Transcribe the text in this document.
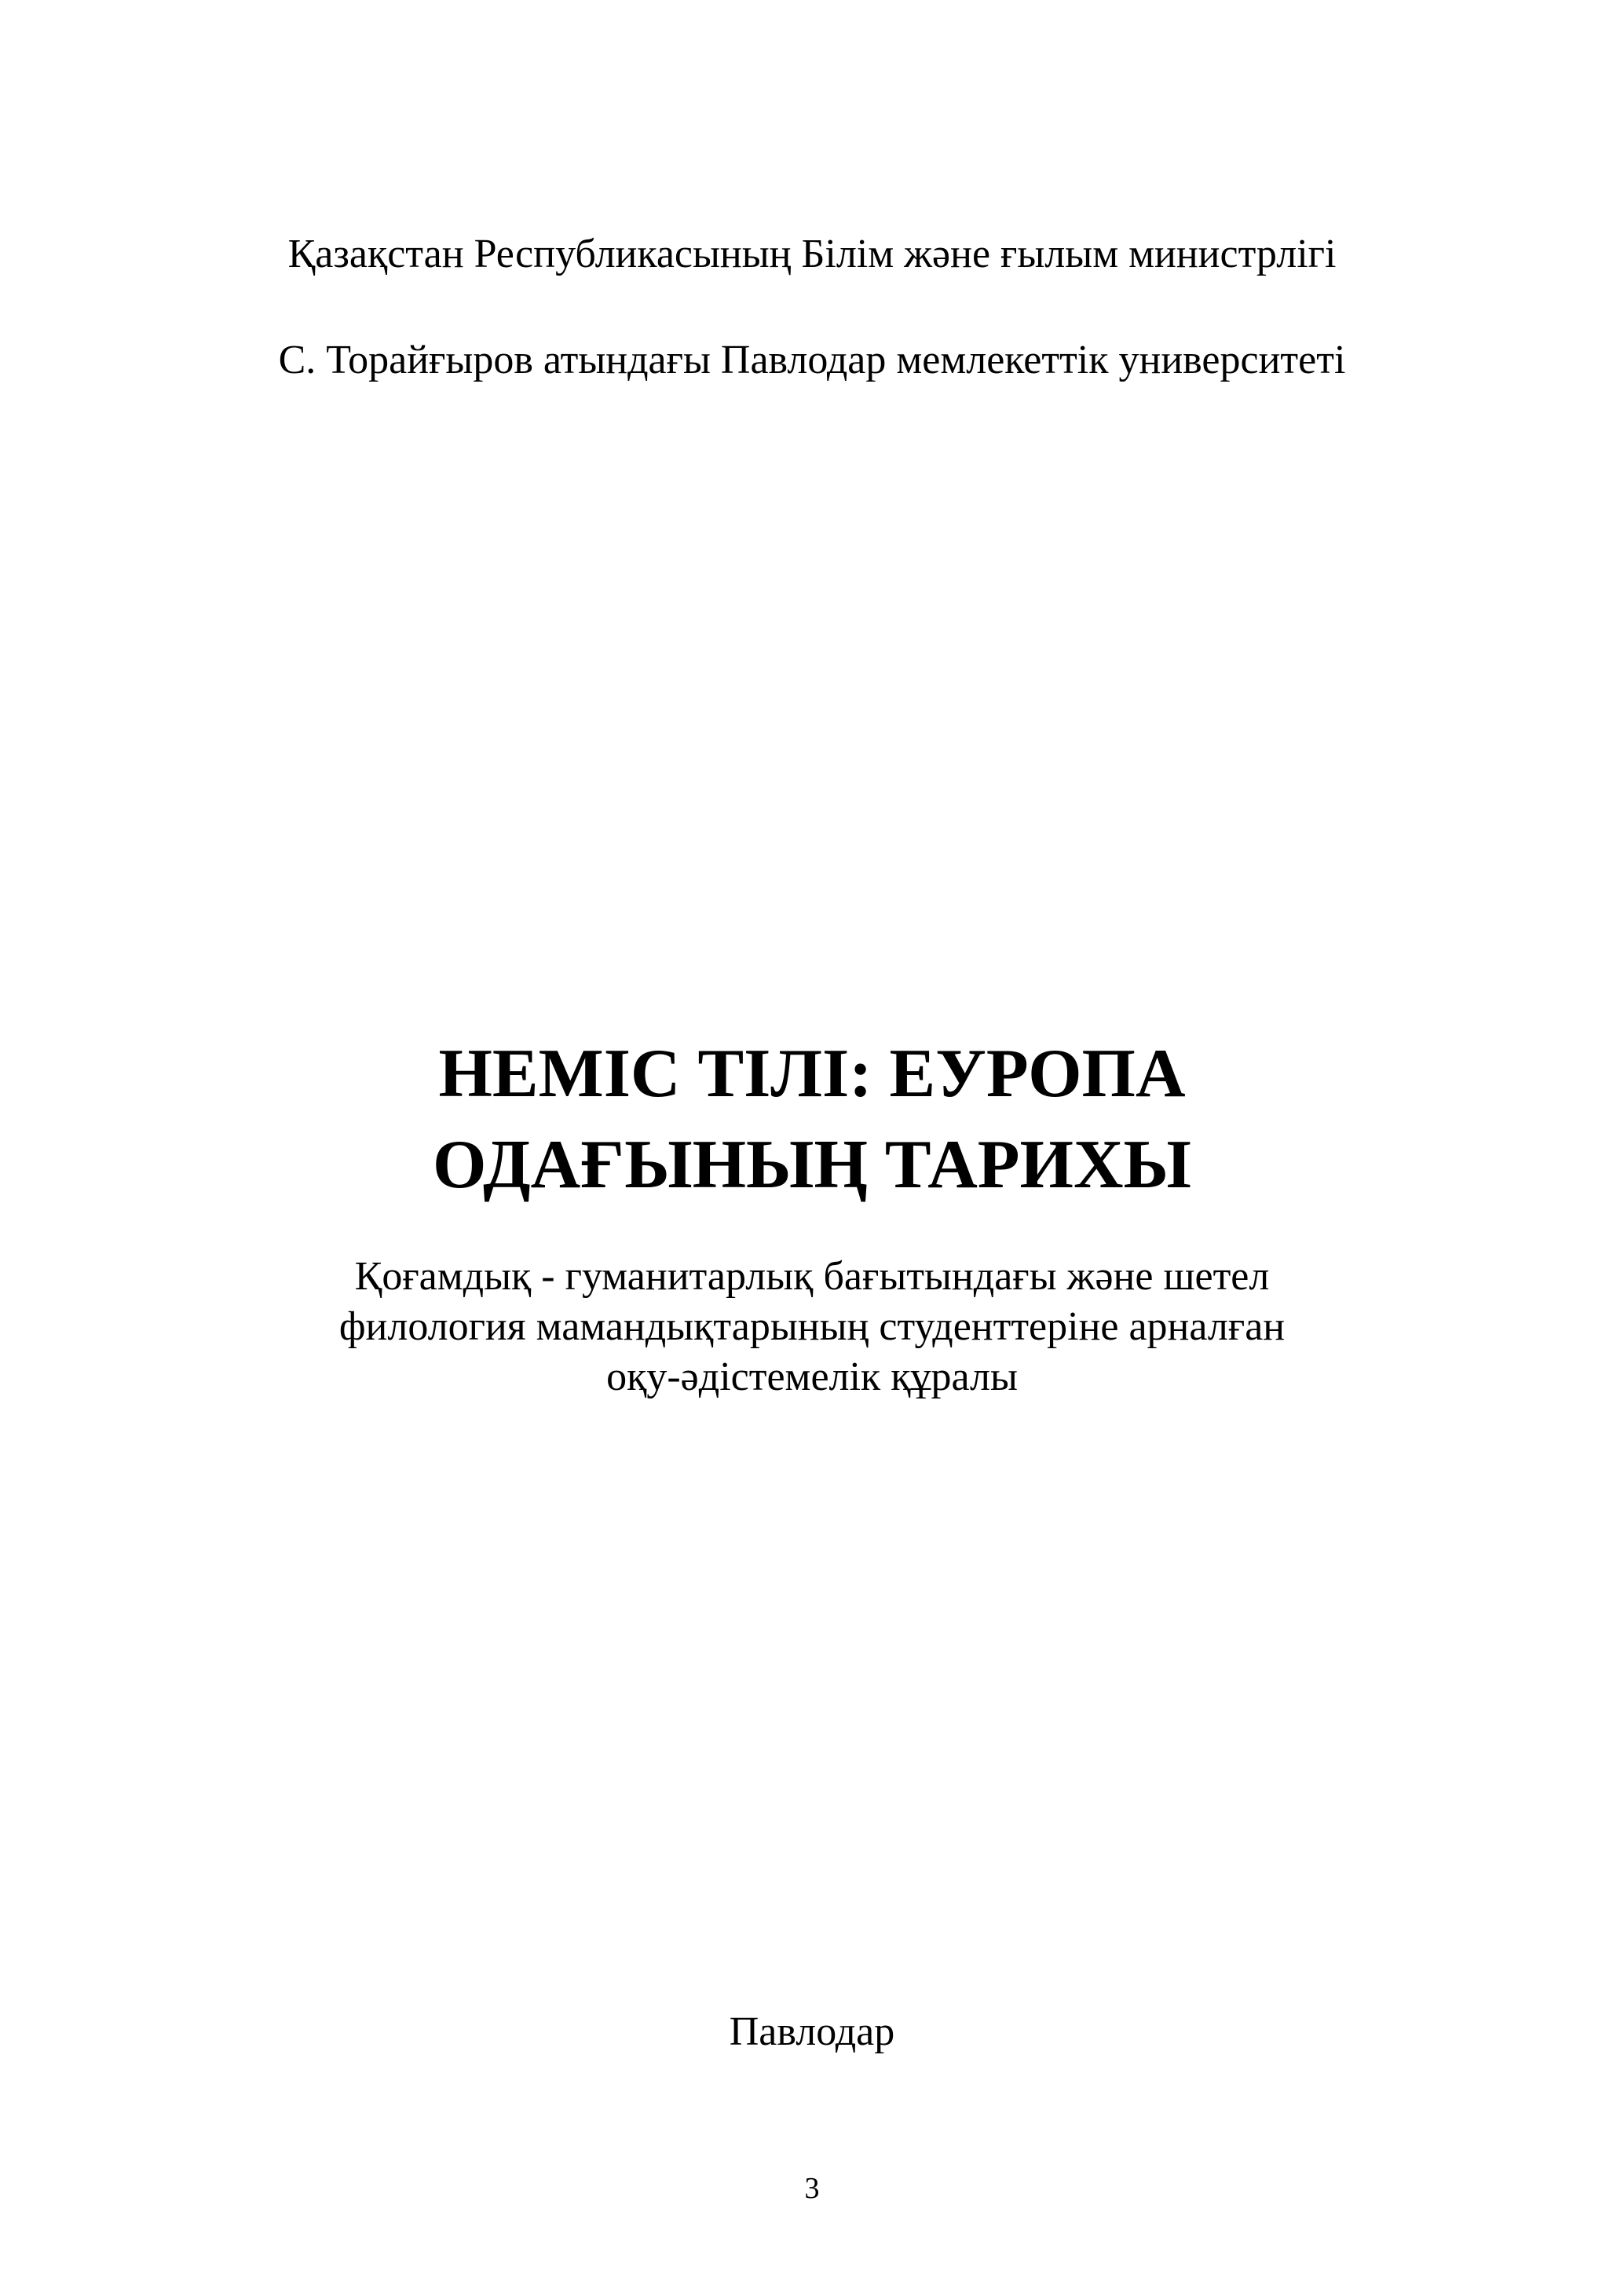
Қазақстан Республикасының Білім және ғылым министрлігі
С. Торайғыров атындағы Павлодар мемлекеттік университеті
НЕМІС ТІЛІ: ЕУРОПА
ОДАҒЫНЫҢ ТАРИХЫ
Қоғамдық - гуманитарлық бағытындағы және шетел
филология мамандықтарының студенттеріне арналған
оқу-әдістемелік құралы
Павлодар
3
